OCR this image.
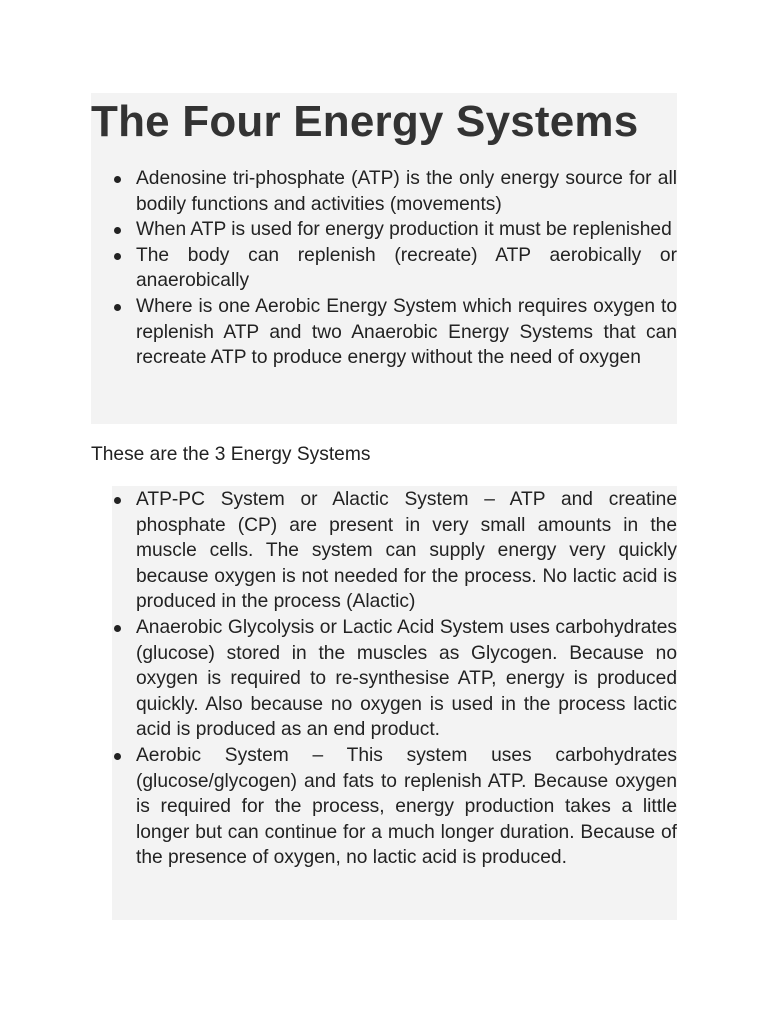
The Four Energy Systems
Adenosine tri-phosphate (ATP) is the only energy source for all bodily functions and activities (movements)
When ATP is used for energy production it must be replenished
The body can replenish (recreate) ATP aerobically or anaerobically
Where is one Aerobic Energy System which requires oxygen to replenish ATP and two Anaerobic Energy Systems that can recreate ATP to produce energy without the need of oxygen

These are the 3 Energy Systems

ATP-PC System or Alactic System – ATP and creatine phosphate (CP) are present in very small amounts in the muscle cells. The system can supply energy very quickly because oxygen is not needed for the process. No lactic acid is produced in the process (Alactic)
Anaerobic Glycolysis or Lactic Acid System uses carbohydrates (glucose) stored in the muscles as Glycogen. Because no oxygen is required to re-synthesise ATP, energy is produced quickly. Also because no oxygen is used in the process lactic acid is produced as an end product.
Aerobic System – This system uses carbohydrates (glucose/glycogen) and fats to replenish ATP. Because oxygen is required for the process, energy production takes a little longer but can continue for a much longer duration. Because of the presence of oxygen, no lactic acid is produced.
